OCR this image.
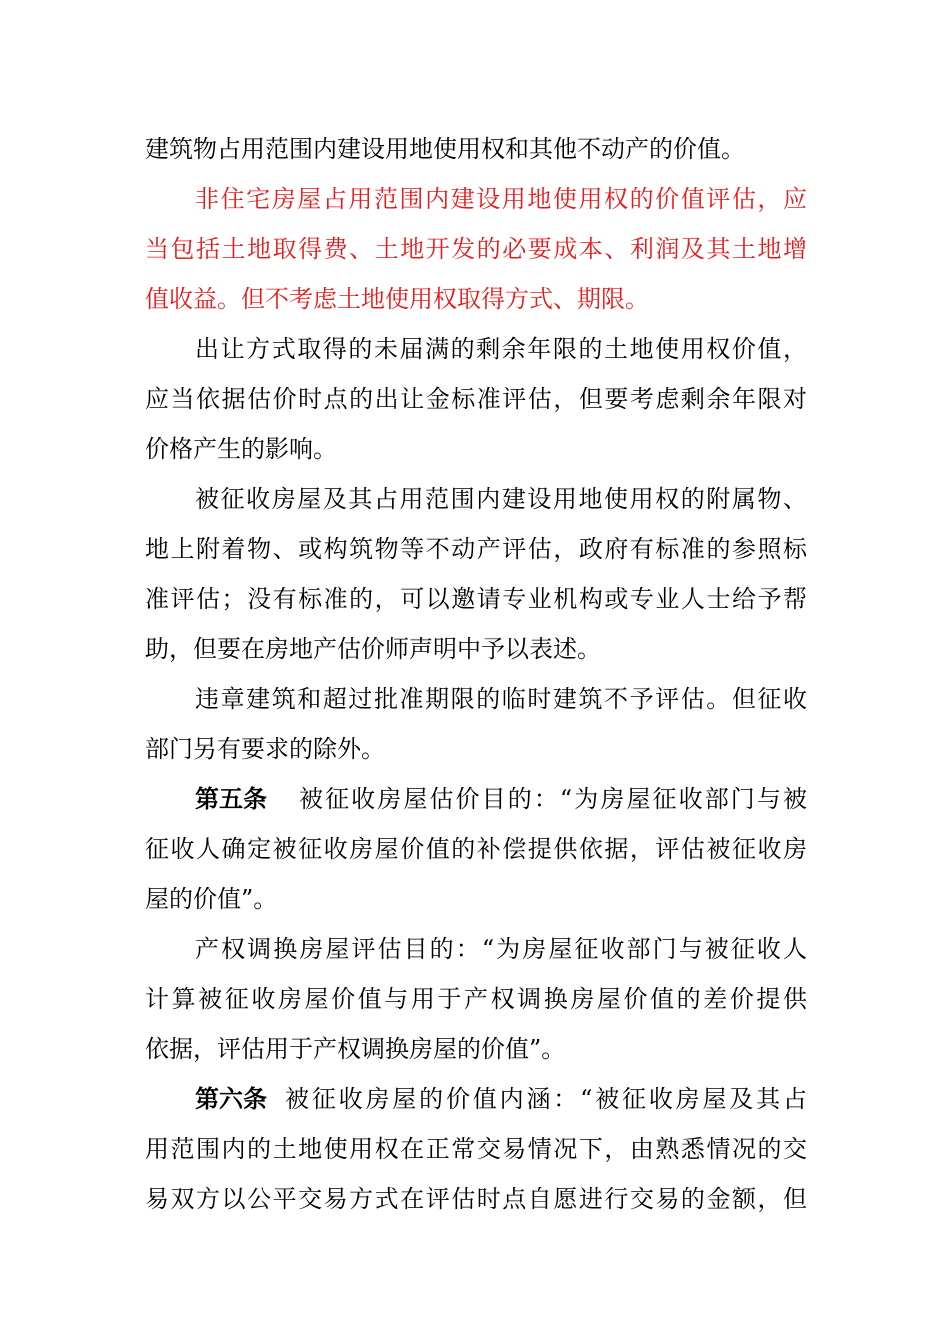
建筑物占用范围内建设用地使用权和其他不动产的价值。
非住宅房屋占用范围内建设用地使用权的价值评估，应
当包括土地取得费、土地开发的必要成本、利润及其土地增
值收益。但不考虑土地使用权取得方式、期限。
出让方式取得的未届满的剩余年限的土地使用权价值，
应当依据估价时点的出让金标准评估，但要考虑剩余年限对
价格产生的影响。
被征收房屋及其占用范围内建设用地使用权的附属物、
地上附着物、或构筑物等不动产评估，政府有标准的参照标
准评估；没有标准的，可以邀请专业机构或专业人士给予帮
助，但要在房地产估价师声明中予以表述。
违章建筑和超过批准期限的临时建筑不予评估。但征收
部门另有要求的除外。
第五条	被征收房屋估价目的：“为房屋征收部门与被
征收人确定被征收房屋价值的补偿提供依据，评估被征收房
屋的价值”。
产权调换房屋评估目的：“为房屋征收部门与被征收人
计算被征收房屋价值与用于产权调换房屋价值的差价提供
依据，评估用于产权调换房屋的价值”。
第六条 被征收房屋的价值内涵：“被征收房屋及其占
用范围内的土地使用权在正常交易情况下，由熟悉情况的交
易双方以公平交易方式在评估时点自愿进行交易的金额，但
